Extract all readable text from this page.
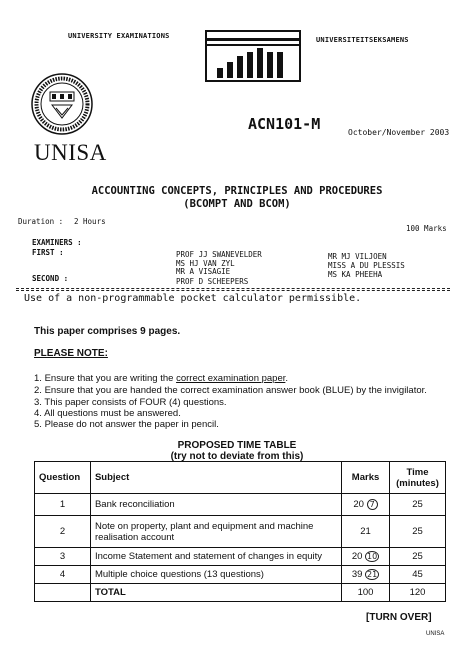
UNIVERSITY EXAMINATIONS	UNIVERSITEITSEKSAMENS
UNISA
ACN101-M	October/November 2003
ACCOUNTING CONCEPTS, PRINCIPLES AND PROCEDURES
(BCOMPT AND BCOM)
Duration : 2 Hours
100 Marks
EXAMINERS :
FIRST :
SECOND :
PROF JJ SWANEVELDER
MS HJ VAN ZYL
MR A VISAGIE
PROF D SCHEEPERS
MR MJ VILJOEN
MISS A DU PLESSIS
MS KA PHEEHA
Use of a non-programmable pocket calculator permissible.
This paper comprises 9 pages.
PLEASE NOTE:
1. Ensure that you are writing the correct examination paper.
2. Ensure that you are handed the correct examination answer book (BLUE) by the invigilator.
3. This paper consists of FOUR (4) questions.
4. All questions must be answered.
5. Please do not answer the paper in pencil.
PROPOSED TIME TABLE
(try not to deviate from this)
Question	Subject	Marks	Time (minutes)
1	Bank reconciliation	20 7	25
2	Note on property, plant and equipment and machine realisation account	21	25
3	Income Statement and statement of changes in equity	20 10	25
4	Multiple choice questions (13 questions)	39 21	45
	TOTAL	100	120
[TURN OVER]
UNISA
